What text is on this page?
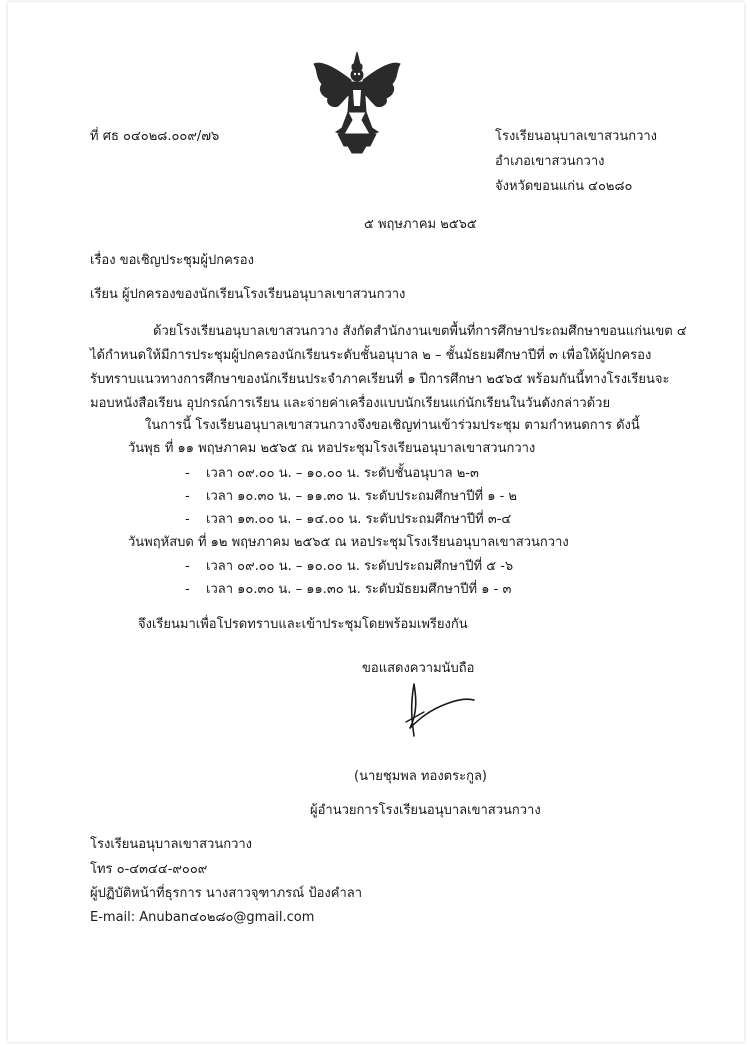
ที่ ศธ ๐๔๐๒๘.๐๐๙/๗๖	โรงเรียนอนุบาลเขาสวนกวาง
อำเภอเขาสวนกวาง
จังหวัดขอนแก่น ๔๐๒๘๐
๕ พฤษภาคม ๒๕๖๕
เรื่อง ขอเชิญประชุมผู้ปกครอง
เรียน ผู้ปกครองของนักเรียนโรงเรียนอนุบาลเขาสวนกวาง
ด้วยโรงเรียนอนุบาลเขาสวนกวาง สังกัดสำนักงานเขตพื้นที่การศึกษาประถมศึกษาขอนแก่นเขต ๔
ได้กำหนดให้มีการประชุมผู้ปกครองนักเรียนระดับชั้นอนุบาล ๒ – ชั้นมัธยมศึกษาปีที่ ๓ เพื่อให้ผู้ปกครอง
รับทราบแนวทางการศึกษาของนักเรียนประจำภาคเรียนที่ ๑ ปีการศึกษา ๒๕๖๕ พร้อมกันนี้ทางโรงเรียนจะ
มอบหนังสือเรียน อุปกรณ์การเรียน และจ่ายค่าเครื่องแบบนักเรียนแก่นักเรียนในวันดังกล่าวด้วย
ในการนี้ โรงเรียนอนุบาลเขาสวนกวางจึงขอเชิญท่านเข้าร่วมประชุม ตามกำหนดการ ดังนี้
วันพุธ ที่ ๑๑ พฤษภาคม ๒๕๖๕ ณ หอประชุมโรงเรียนอนุบาลเขาสวนกวาง
- เวลา ๐๙.๐๐ น. – ๑๐.๐๐ น. ระดับชั้นอนุบาล ๒-๓
- เวลา ๑๐.๓๐ น. – ๑๑.๓๐ น. ระดับประถมศึกษาปีที่ ๑ - ๒
- เวลา ๑๓.๐๐ น. – ๑๔.๐๐ น. ระดับประถมศึกษาปีที่ ๓-๔
วันพฤหัสบด ที่ ๑๒ พฤษภาคม ๒๕๖๕ ณ หอประชุมโรงเรียนอนุบาลเขาสวนกวาง
- เวลา ๐๙.๐๐ น. – ๑๐.๐๐ น. ระดับประถมศึกษาปีที่ ๕ -๖
- เวลา ๑๐.๓๐ น. – ๑๑.๓๐ น. ระดับมัธยมศึกษาปีที่ ๑ - ๓
จึงเรียนมาเพื่อโปรดทราบและเข้าประชุมโดยพร้อมเพรียงกัน
ขอแสดงความนับถือ
(นายชุมพล ทองตระกูล)
ผู้อำนวยการโรงเรียนอนุบาลเขาสวนกวาง
โรงเรียนอนุบาลเขาสวนกวาง
โทร ๐-๔๓๔๔-๙๐๐๙
ผู้ปฏิบัติหน้าที่ธุรการ นางสาวจุฑาภรณ์ ป้องคำลา
E-mail: Anuban๔๐๒๘๐@gmail.com
